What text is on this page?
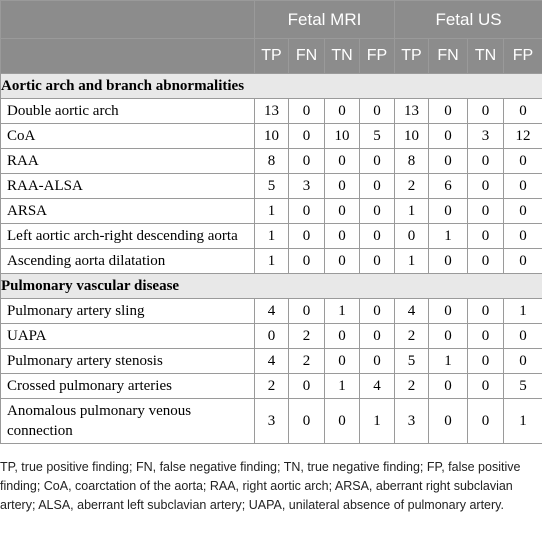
	Fetal MRI				Fetal US			
	TP	FN	TN	FP	TP	FN	TN	FP
Aortic arch and branch abnormalities								
Double aortic arch	13	0	0	0	13	0	0	0
CoA	10	0	10	5	10	0	3	12
RAA	8	0	0	0	8	0	0	0
RAA-ALSA	5	3	0	0	2	6	0	0
ARSA	1	0	0	0	1	0	0	0
Left aortic arch-right descending aorta	1	0	0	0	0	1	0	0
Ascending aorta dilatation	1	0	0	0	1	0	0	0
Pulmonary vascular disease								
Pulmonary artery sling	4	0	1	0	4	0	0	1
UAPA	0	2	0	0	2	0	0	0
Pulmonary artery stenosis	4	2	0	0	5	1	0	0
Crossed pulmonary arteries	2	0	1	4	2	0	0	5
Anomalous pulmonary venous connection	3	0	0	1	3	0	0	1

TP, true positive finding; FN, false negative finding; TN, true negative finding; FP, false positive finding; CoA, coarctation of the aorta; RAA, right aortic arch; ARSA, aberrant right subclavian artery; ALSA, aberrant left subclavian artery; UAPA, unilateral absence of pulmonary artery.
